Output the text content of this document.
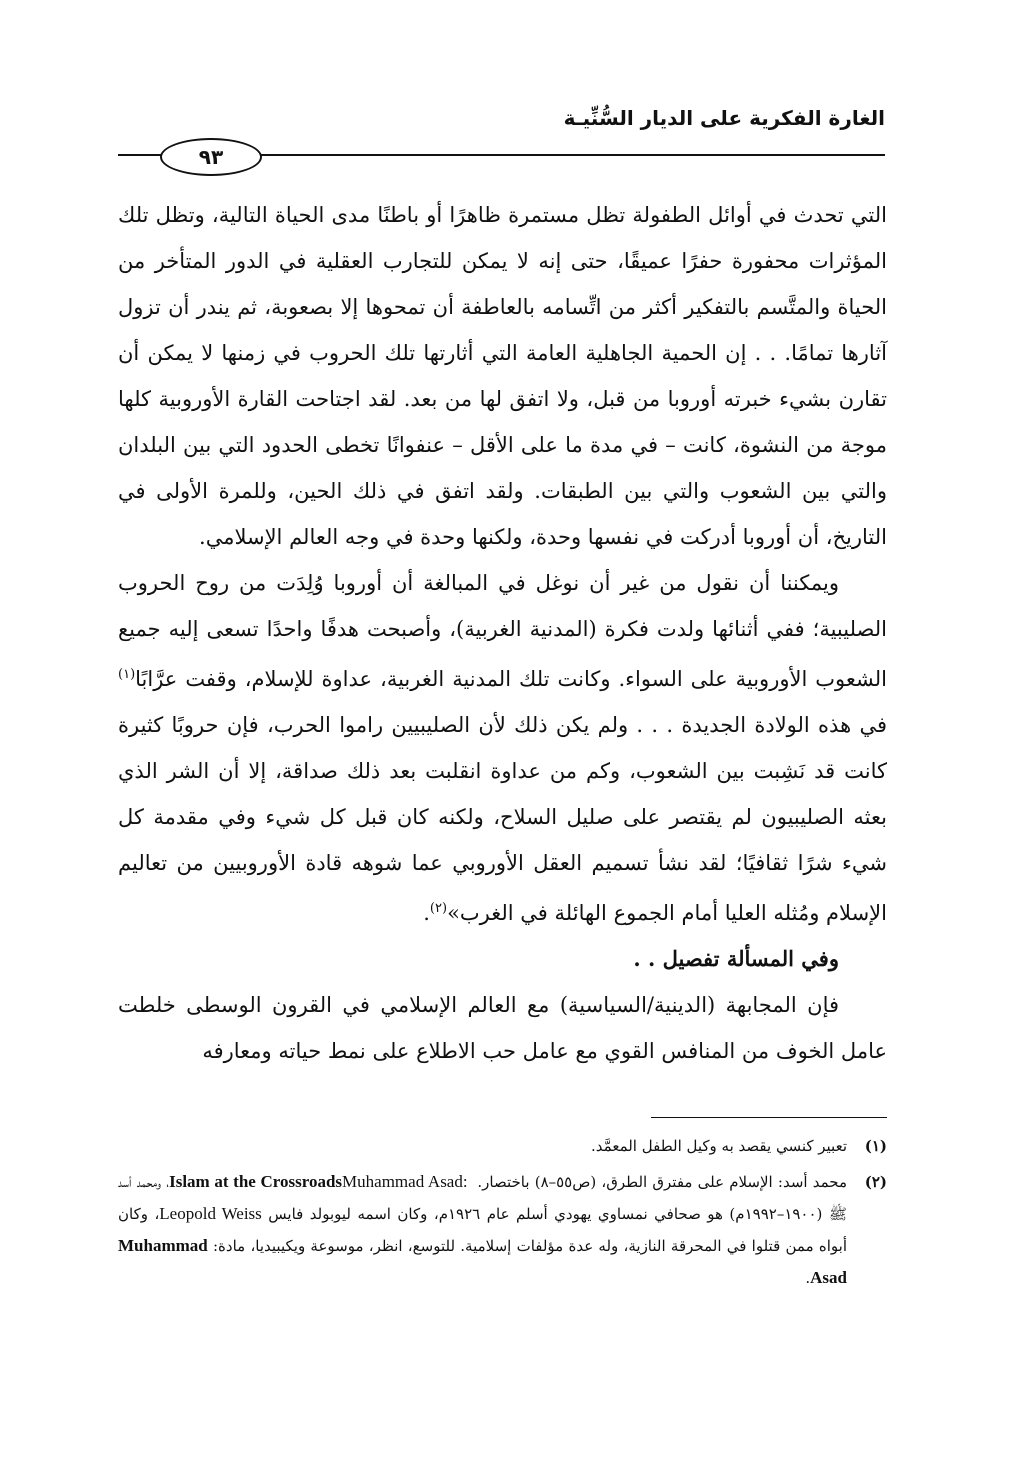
الغارة الفكرية على الديار السُّنِّيـة
٩٣

التي تحدث في أوائل الطفولة تظل مستمرة ظاهرًا أو باطنًا مدى الحياة التالية، وتظل تلك المؤثرات محفورة حفرًا عميقًا، حتى إنه لا يمكن للتجارب العقلية في الدور المتأخر من الحياة والمتَّسم بالتفكير أكثر من اتِّسامه بالعاطفة أن تمحوها إلا بصعوبة، ثم يندر أن تزول آثارها تمامًا. . . إن الحمية الجاهلية العامة التي أثارتها تلك الحروب في زمنها لا يمكن أن تقارن بشيء خبرته أوروبا من قبل، ولا اتفق لها من بعد. لقد اجتاحت القارة الأوروبية كلها موجة من النشوة، كانت – في مدة ما على الأقل – عنفوانًا تخطى الحدود التي بين البلدان والتي بين الشعوب والتي بين الطبقات. ولقد اتفق في ذلك الحين، وللمرة الأولى في التاريخ، أن أوروبا أدركت في نفسها وحدة، ولكنها وحدة في وجه العالم الإسلامي.

ويمكننا أن نقول من غير أن نوغل في المبالغة أن أوروبا وُلِدَت من روح الحروب الصليبية؛ ففي أثنائها ولدت فكرة (المدنية الغربية)، وأصبحت هدفًا واحدًا تسعى إليه جميع الشعوب الأوروبية على السواء. وكانت تلك المدنية الغربية، عداوة للإسلام، وقفت عرَّابًا$^{(١)}$ في هذه الولادة الجديدة . . . ولم يكن ذلك لأن الصليبيين راموا الحرب، فإن حروبًا كثيرة كانت قد نَشِبت بين الشعوب، وكم من عداوة انقلبت بعد ذلك صداقة، إلا أن الشر الذي بعثه الصليبيون لم يقتصر على صليل السلاح، ولكنه كان قبل كل شيء وفي مقدمة كل شيء شرًا ثقافيًا؛ لقد نشأ تسميم العقل الأوروبي عما شوهه قادة الأوروبيين من تعاليم الإسلام ومُثله العليا أمام الجموع الهائلة في الغرب»$^{(٢)}$.

وفي المسألة تفصيل . .

فإن المجابهة (الدينية/السياسية) مع العالم الإسلامي في القرون الوسطى خلطت عامل الخوف من المنافس القوي مع عامل حب الاطلاع على نمط حياته ومعارفه

(١)
تعبير كنسي يقصد به وكيل الطفل المعمَّد.
(٢)
محمد أسد: الإسلام على مفترق الطرق، (ص٥٥–٨) باختصار. Muhammad Asad: Islam at the Crossroads، ومحمد أسد ﷺ (١٩٠٠–١٩٩٢م) هو صحافي نمساوي يهودي أسلم عام ١٩٢٦م، وكان اسمه ليوبولد فايس Leopold Weiss، وكان أبواه ممن قتلوا في المحرقة النازية، وله عدة مؤلفات إسلامية. للتوسع، انظر، موسوعة ويكيبيديا، مادة: Muhammad Asad.
